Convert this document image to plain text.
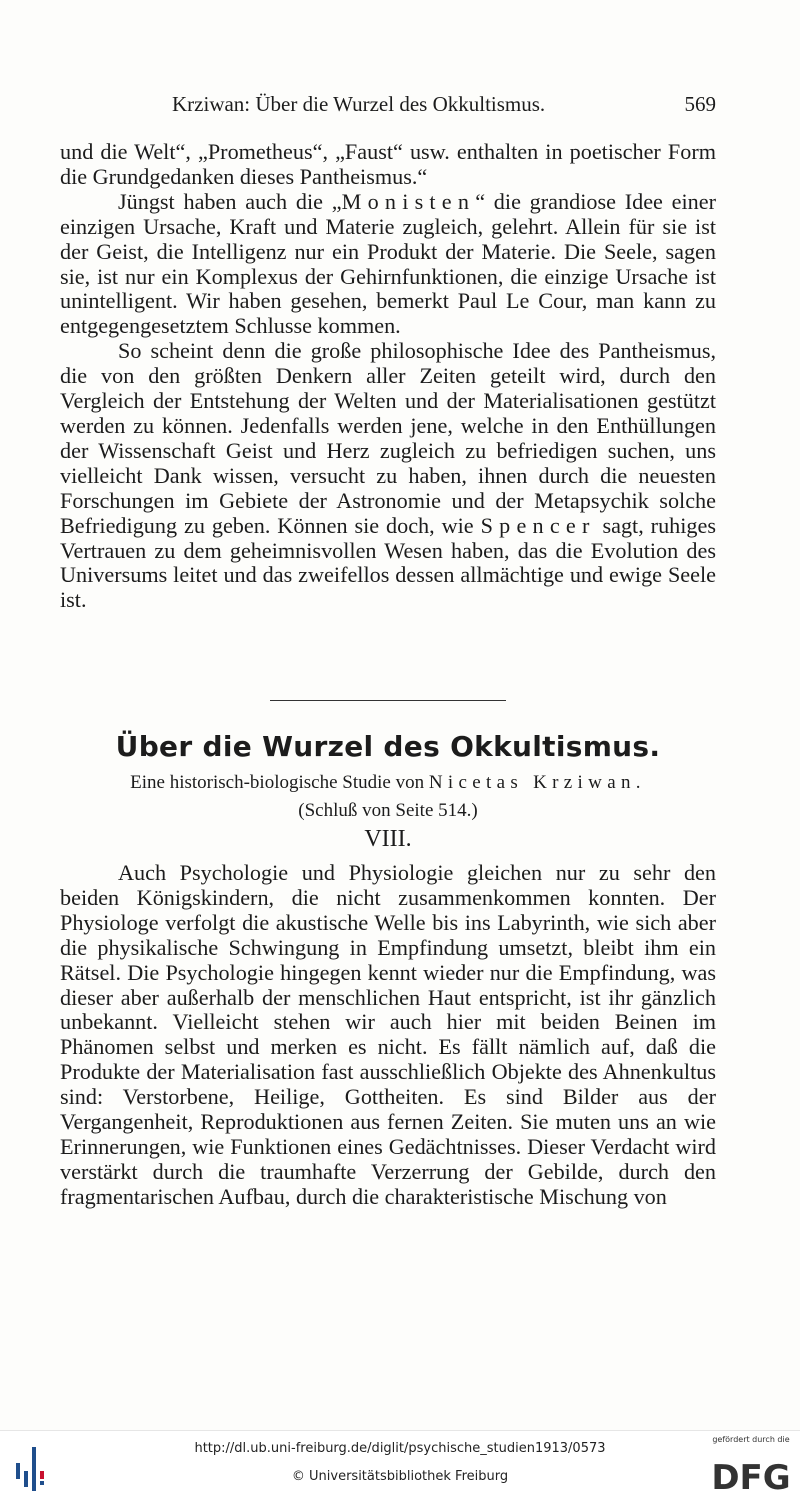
Krziwan: Über die Wurzel des Okkultismus.	569

und die Welt“, „Prometheus“, „Faust“ usw. enthalten in poetischer Form die Grundgedanken dieses Pantheismus.“

Jüngst haben auch die „Monisten“ die grandiose Idee einer einzigen Ursache, Kraft und Materie zugleich, gelehrt. Allein für sie ist der Geist, die Intelligenz nur ein Produkt der Materie. Die Seele, sagen sie, ist nur ein Komplexus der Gehirnfunktionen, die einzige Ursache ist unintelligent. Wir haben gesehen, bemerkt Paul Le Cour, man kann zu entgegengesetztem Schlusse kommen.

So scheint denn die große philosophische Idee des Pantheismus, die von den größten Denkern aller Zeiten geteilt wird, durch den Vergleich der Entstehung der Welten und der Materialisationen gestützt werden zu können. Jedenfalls werden jene, welche in den Enthüllungen der Wissenschaft Geist und Herz zugleich zu befriedigen suchen, uns vielleicht Dank wissen, versucht zu haben, ihnen durch die neuesten Forschungen im Gebiete der Astronomie und der Metapsychik solche Befriedigung zu geben. Können sie doch, wie Spencer sagt, ruhiges Vertrauen zu dem geheimnisvollen Wesen haben, das die Evolution des Universums leitet und das zweifellos dessen allmächtige und ewige Seele ist.

Über die Wurzel des Okkultismus.
Eine historisch-biologische Studie von Nicetas Krziwan.
(Schluß von Seite 514.)
VIII.

Auch Psychologie und Physiologie gleichen nur zu sehr den beiden Königskindern, die nicht zusammenkommen konnten. Der Physiologe verfolgt die akustische Welle bis ins Labyrinth, wie sich aber die physikalische Schwingung in Empfindung umsetzt, bleibt ihm ein Rätsel. Die Psychologie hingegen kennt wieder nur die Empfindung, was dieser aber außerhalb der menschlichen Haut entspricht, ist ihr gänzlich unbekannt. Vielleicht stehen wir auch hier mit beiden Beinen im Phänomen selbst und merken es nicht. Es fällt nämlich auf, daß die Produkte der Materialisation fast ausschließlich Objekte des Ahnenkultus sind: Verstorbene, Heilige, Gottheiten. Es sind Bilder aus der Vergangenheit, Reproduktionen aus fernen Zeiten. Sie muten uns an wie Erinnerungen, wie Funktionen eines Gedächtnisses. Dieser Verdacht wird verstärkt durch die traumhafte Verzerrung der Gebilde, durch den fragmentarischen Aufbau, durch die charakteristische Mischung von

http://dl.ub.uni-freiburg.de/diglit/psychische_studien1913/0573
© Universitätsbibliothek Freiburg
gefördert durch die
DFG
